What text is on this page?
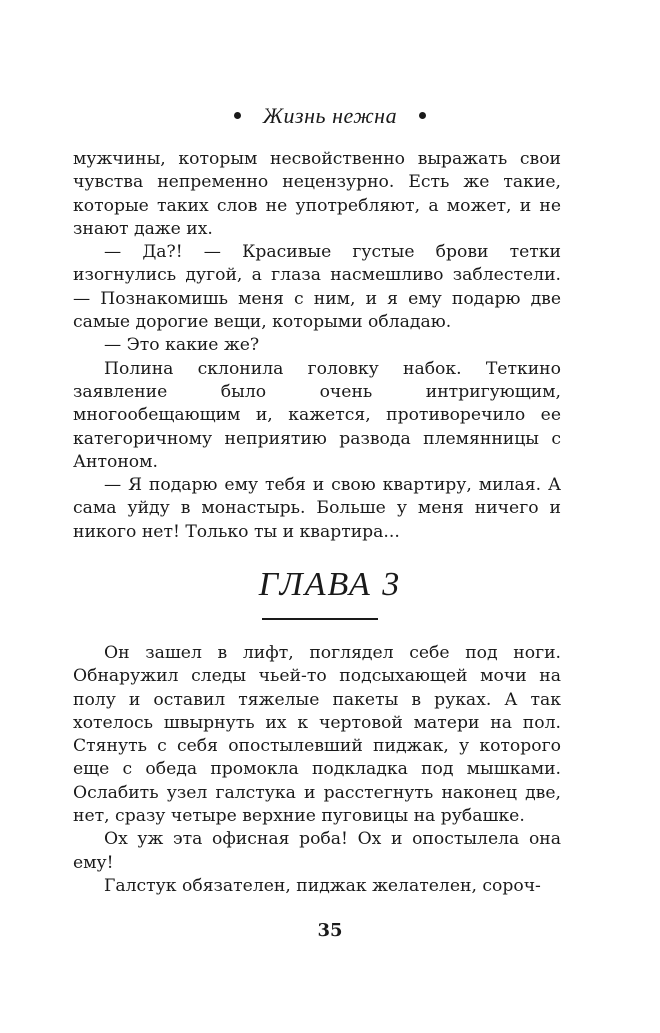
Жизнь нежна

мужчины, которым несвойственно выражать свои чувства непременно нецензурно. Есть же такие, которые таких слов не употребляют, а может, и не знают даже их.

— Да?! — Красивые густые брови тетки изогнулись дугой, а глаза насмешливо заблестели. — Познакомишь меня с ним, и я ему подарю две самые дорогие вещи, которыми обладаю.

— Это какие же?

Полина склонила головку набок. Теткино заявление было очень интригующим, многообещающим и, кажется, противоречило ее категоричному неприятию развода племянницы с Антоном.

— Я подарю ему тебя и свою квартиру, милая. А сама уйду в монастырь. Больше у меня ничего и никого нет! Только ты и квартира...

ГЛАВА 3

Он зашел в лифт, поглядел себе под ноги. Обнаружил следы чьей-то подсыхающей мочи на полу и оставил тяжелые пакеты в руках. А так хотелось швырнуть их к чертовой матери на пол. Стянуть с себя опостылевший пиджак, у которого еще с обеда промокла подкладка под мышками. Ослабить узел галстука и расстегнуть наконец две, нет, сразу четыре верхние пуговицы на рубашке.

Ох уж эта офисная роба! Ох и опостылела она ему!

Галстук обязателен, пиджак желателен, сороч-

35
